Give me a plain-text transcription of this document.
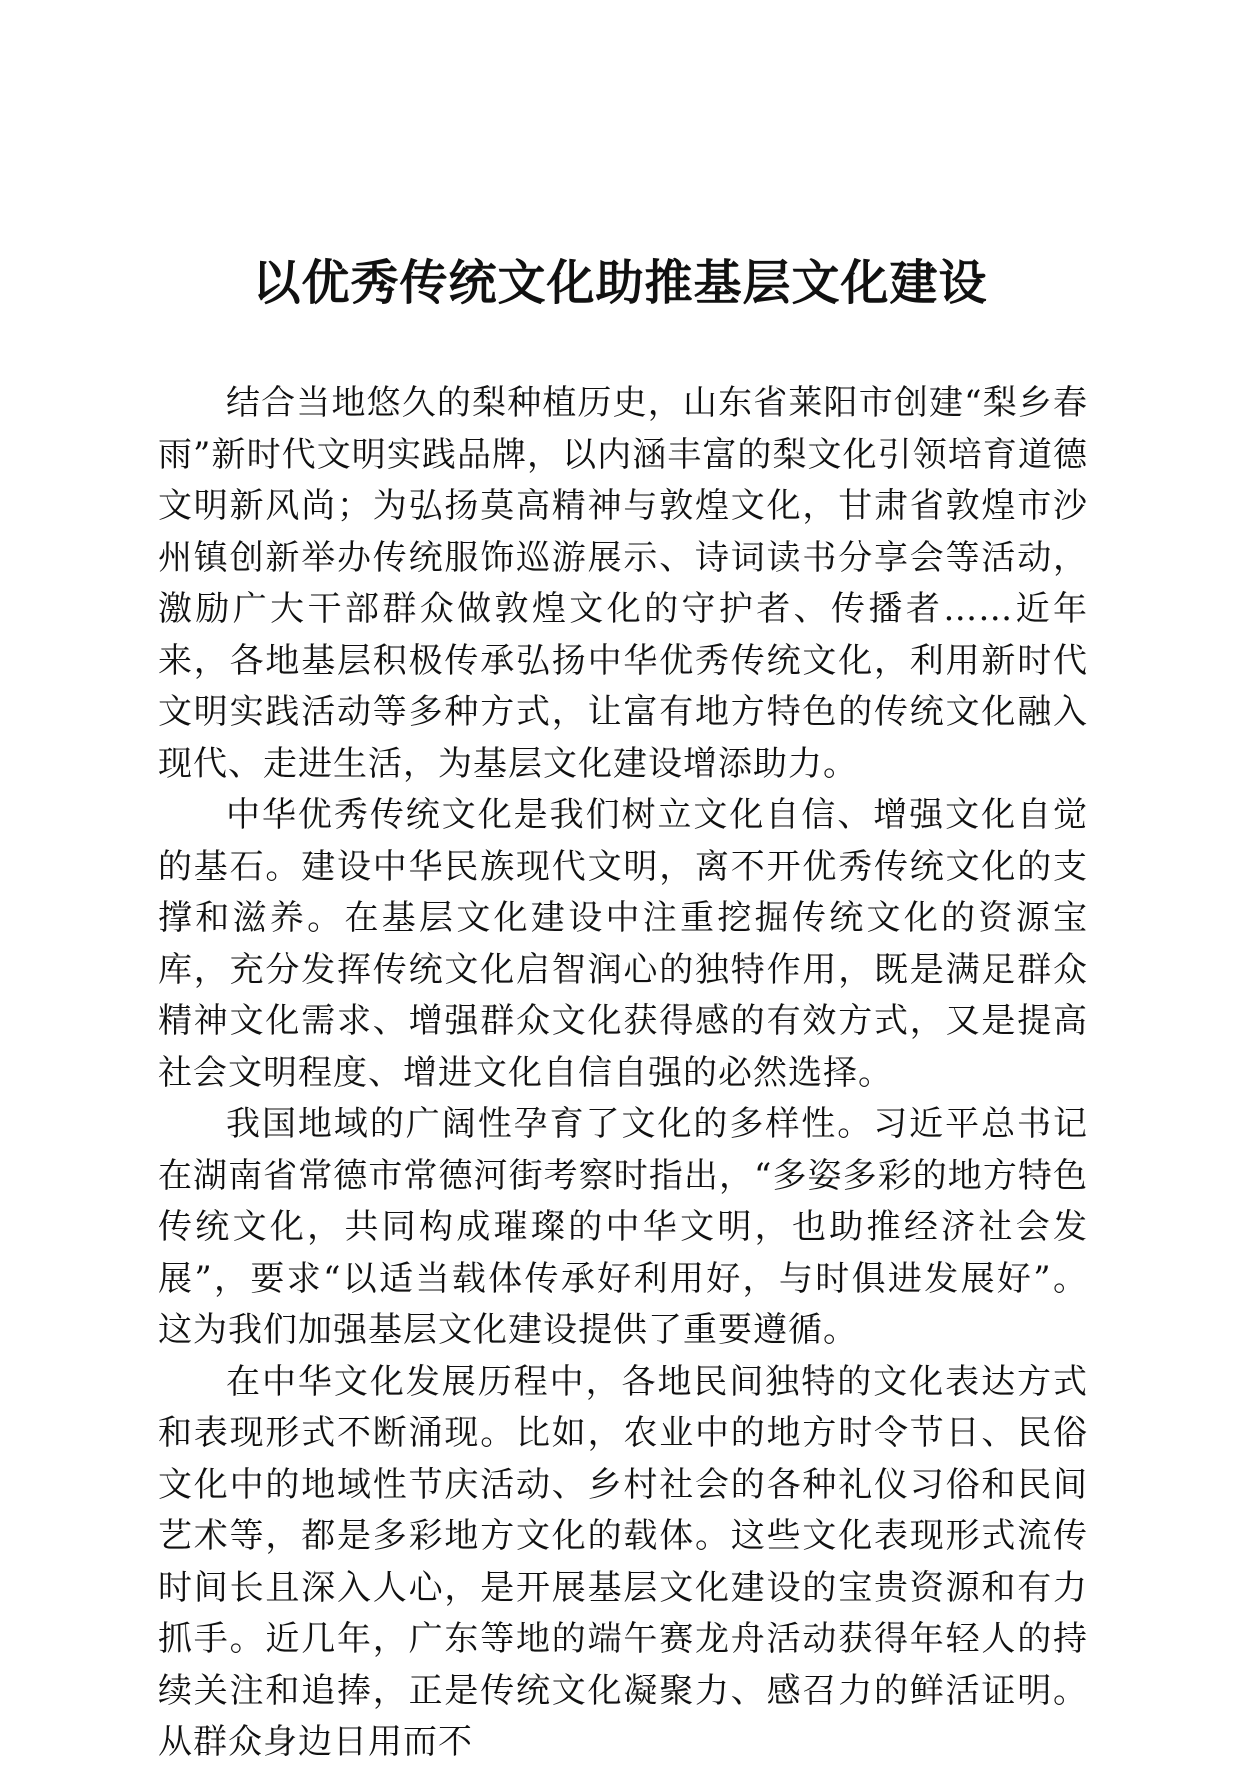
以优秀传统文化助推基层文化建设

结合当地悠久的梨种植历史，山东省莱阳市创建“梨乡春雨”新时代文明实践品牌，以内涵丰富的梨文化引领培育道德文明新风尚；为弘扬莫高精神与敦煌文化，甘肃省敦煌市沙州镇创新举办传统服饰巡游展示、诗词读书分享会等活动，激励广大干部群众做敦煌文化的守护者、传播者……近年来，各地基层积极传承弘扬中华优秀传统文化，利用新时代文明实践活动等多种方式，让富有地方特色的传统文化融入现代、走进生活，为基层文化建设增添助力。

中华优秀传统文化是我们树立文化自信、增强文化自觉的基石。建设中华民族现代文明，离不开优秀传统文化的支撑和滋养。在基层文化建设中注重挖掘传统文化的资源宝库，充分发挥传统文化启智润心的独特作用，既是满足群众精神文化需求、增强群众文化获得感的有效方式，又是提高社会文明程度、增进文化自信自强的必然选择。

我国地域的广阔性孕育了文化的多样性。习近平总书记在湖南省常德市常德河街考察时指出，“多姿多彩的地方特色传统文化，共同构成璀璨的中华文明，也助推经济社会发展”，要求“以适当载体传承好利用好，与时俱进发展好”。这为我们加强基层文化建设提供了重要遵循。

在中华文化发展历程中，各地民间独特的文化表达方式和表现形式不断涌现。比如，农业中的地方时令节日、民俗文化中的地域性节庆活动、乡村社会的各种礼仪习俗和民间艺术等，都是多彩地方文化的载体。这些文化表现形式流传时间长且深入人心，是开展基层文化建设的宝贵资源和有力抓手。近几年，广东等地的端午赛龙舟活动获得年轻人的持续关注和追捧，正是传统文化凝聚力、感召力的鲜活证明。从群众身边日用而不
